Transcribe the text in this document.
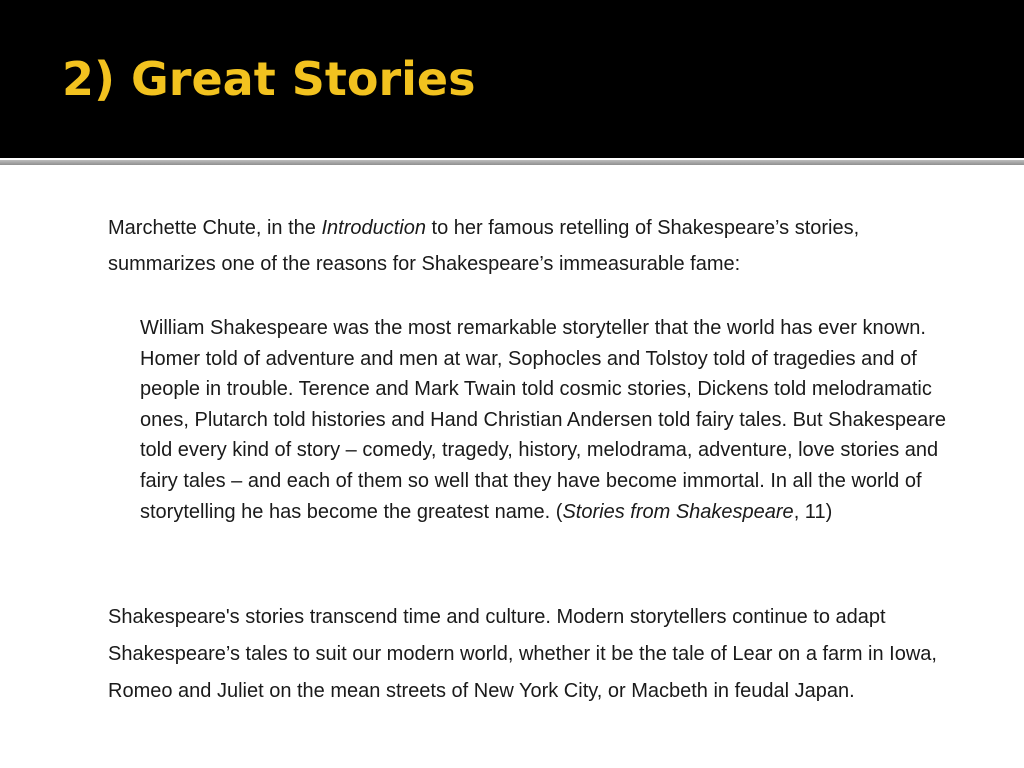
2) Great Stories

Marchette Chute, in the Introduction to her famous retelling of Shakespeare’s stories, summarizes one of the reasons for Shakespeare’s immeasurable fame:

William Shakespeare was the most remarkable storyteller that the world has ever known. Homer told of adventure and men at war, Sophocles and Tolstoy told of tragedies and of people in trouble. Terence and Mark Twain told cosmic stories, Dickens told melodramatic ones, Plutarch told histories and Hand Christian Andersen told fairy tales. But Shakespeare told every kind of story – comedy, tragedy, history, melodrama, adventure, love stories and fairy tales – and each of them so well that they have become immortal. In all the world of storytelling he has become the greatest name. (Stories from Shakespeare, 11)

Shakespeare's stories transcend time and culture. Modern storytellers continue to adapt Shakespeare’s tales to suit our modern world, whether it be the tale of Lear on a farm in Iowa, Romeo and Juliet on the mean streets of New York City, or Macbeth in feudal Japan.
